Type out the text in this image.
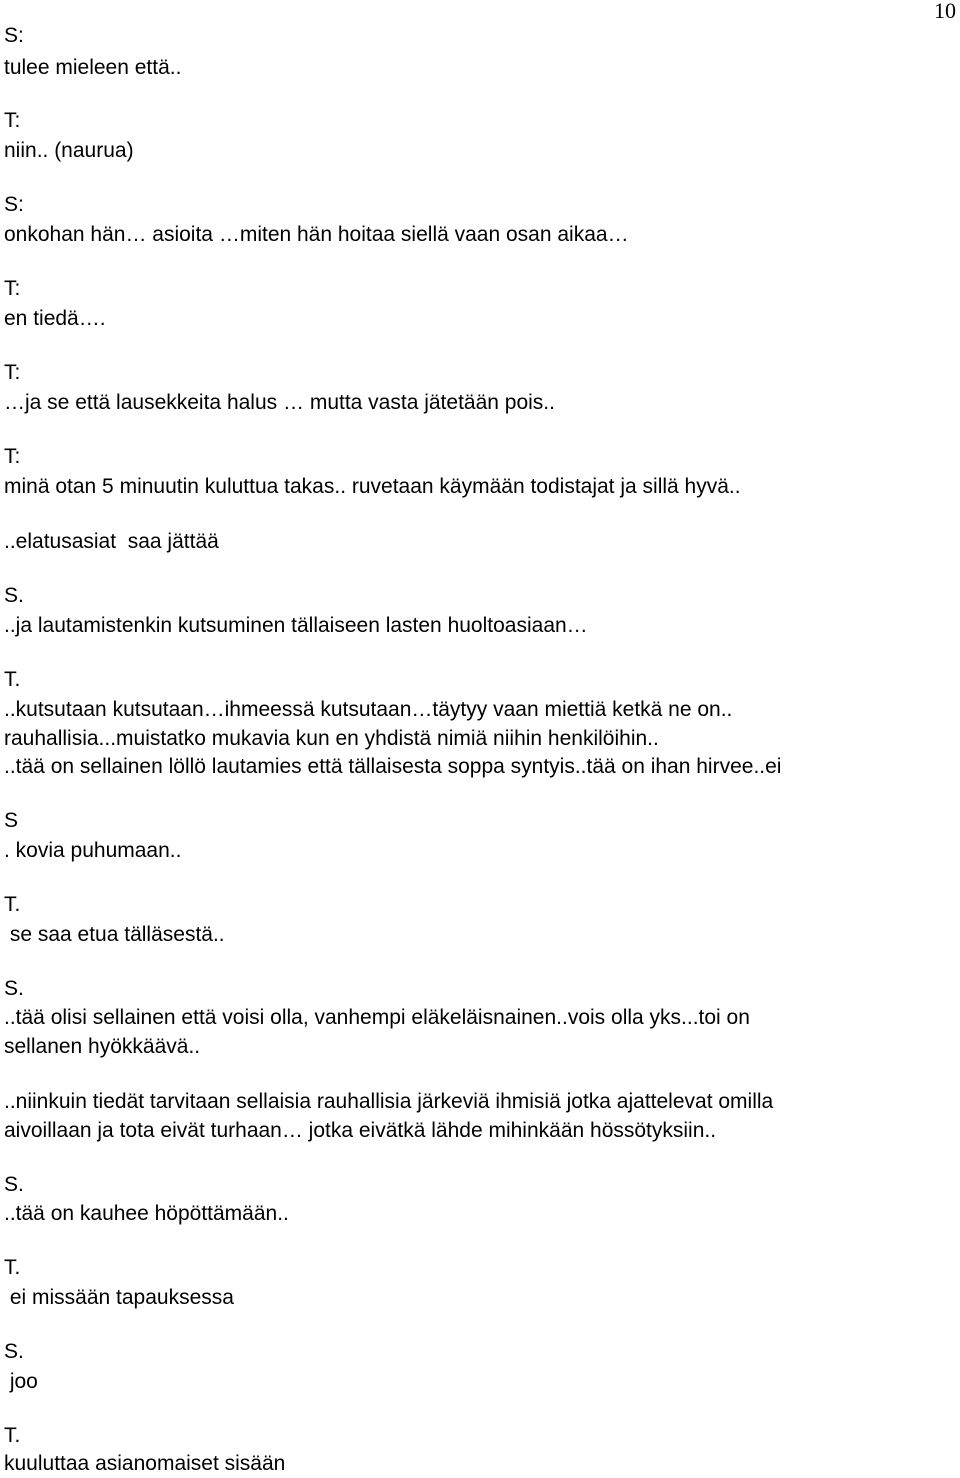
10
S:
tulee mieleen että..
T:
niin.. (naurua)
S:
onkohan hän… asioita …miten hän hoitaa siellä vaan osan aikaa…
T:
en tiedä….
T:
…ja se että lausekkeita halus … mutta vasta jätetään pois..
T:
minä otan 5 minuutin kuluttua takas.. ruvetaan käymään todistajat ja sillä hyvä..
..elatusasiat  saa jättää
S.
..ja lautamistenkin kutsuminen tällaiseen lasten huoltoasiaan…
T.
..kutsutaan kutsutaan…ihmeessä kutsutaan…täytyy vaan miettiä ketkä ne on..
rauhallisia...muistatko mukavia kun en yhdistä nimiä niihin henkilöihin..
..tää on sellainen löllö lautamies että tällaisesta soppa syntyis..tää on ihan hirvee..ei
S
. kovia puhumaan..
T.
se saa etua tälläsestä..
S.
..tää olisi sellainen että voisi olla, vanhempi eläkeläisnainen..vois olla yks...toi on
sellanen hyökkäävä..
..niinkuin tiedät tarvitaan sellaisia rauhallisia järkeviä ihmisiä jotka ajattelevat omilla
aivoillaan ja tota eivät turhaan… jotka eivätkä lähde mihinkään hössötyksiin..
S.
..tää on kauhee höpöttämään..
T.
ei missään tapauksessa
S.
joo
T.
kuuluttaa asianomaiset sisään
